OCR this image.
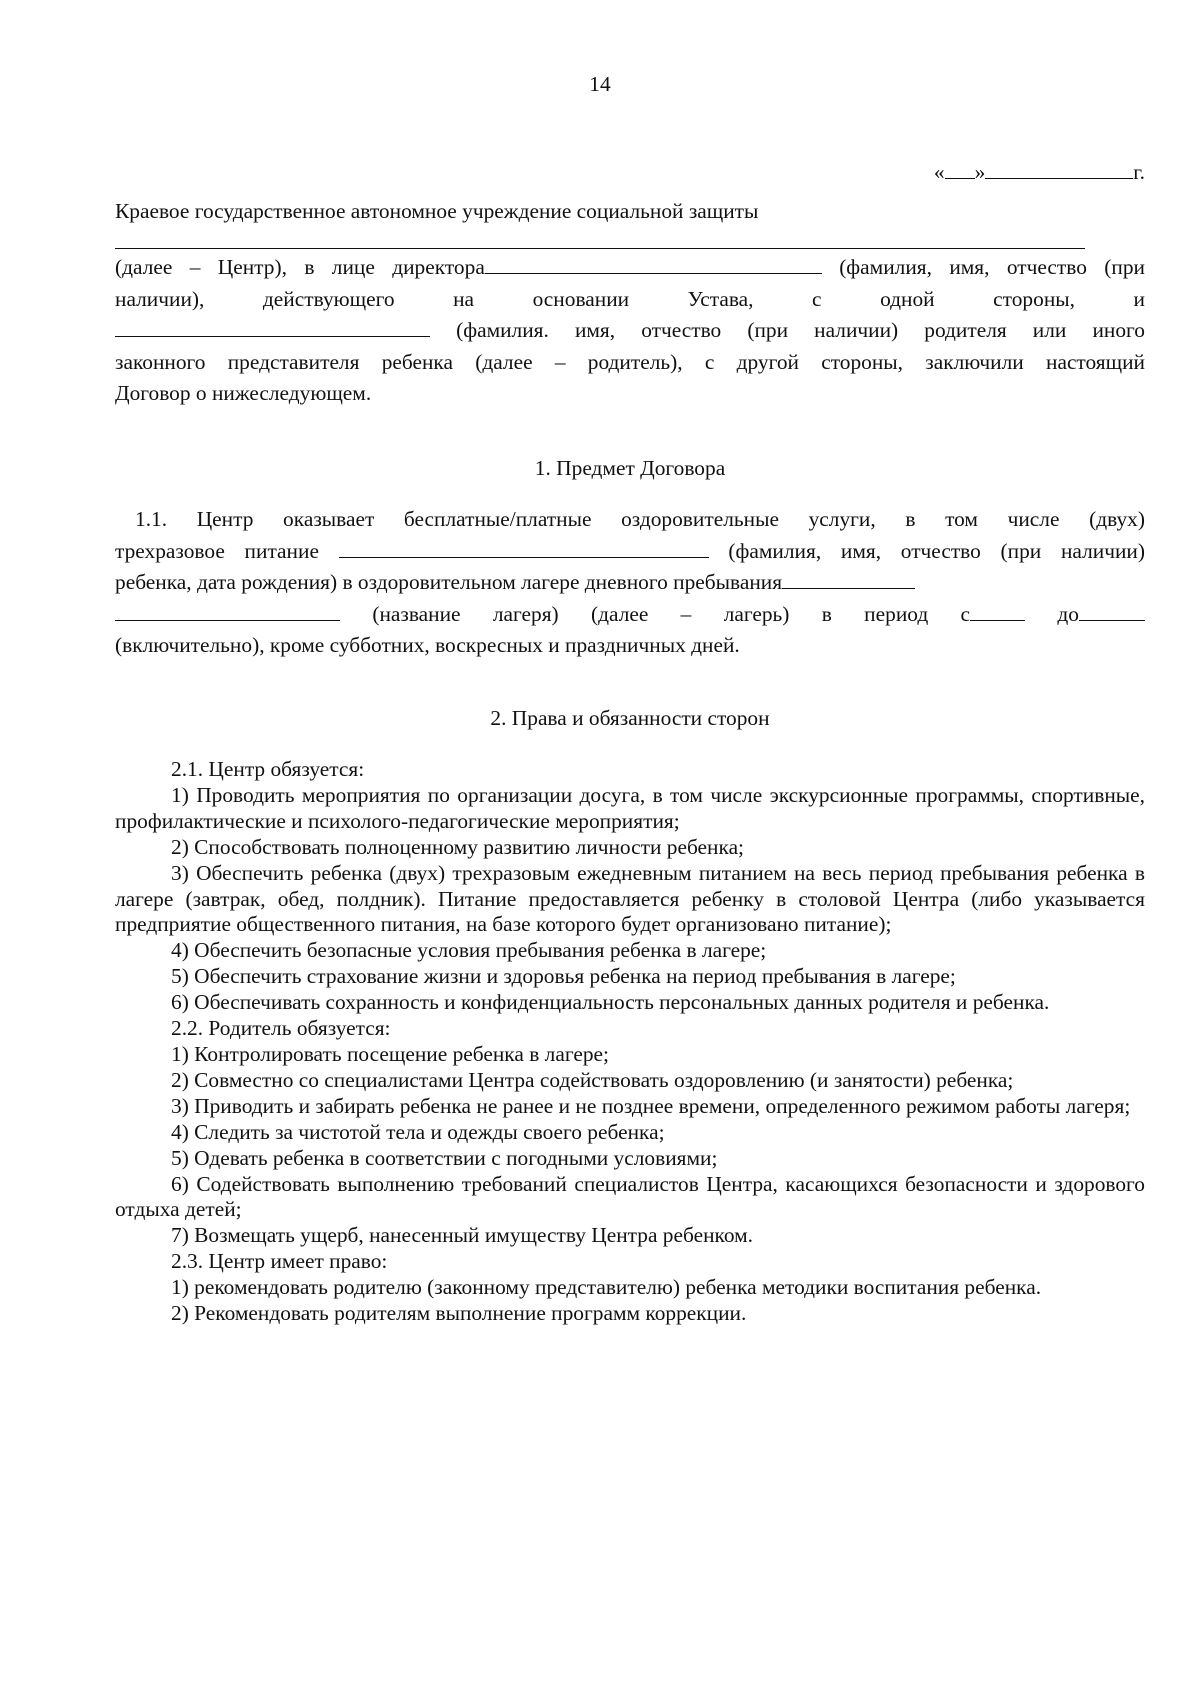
14
« »	г.

Краевое государственное автономное учреждение социальной защиты

(далее – Центр), в лице директора	(фамилия, имя, отчество (при

наличии), действующего на основании Устава, с одной стороны, и

(фамилия. имя, отчество (при наличии) родителя или иного

законного представителя ребенка (далее – родитель), с другой стороны, заключили настоящий

Договор о нижеследующем.

1. Предмет Договора

1.1. Центр оказывает бесплатные/платные оздоровительные услуги, в том числе (двух)

трехразовое питание	(фамилия, имя, отчество (при наличии)

ребенка, дата рождения) в оздоровительном лагере дневного пребывания

(название лагеря) (далее – лагерь) в период с	до

(включительно), кроме субботних, воскресных и праздничных дней.

2. Права и обязанности сторон

2.1. Центр обязуется:

1) Проводить мероприятия по организации досуга, в том числе экскурсионные программы, спортивные, профилактические и психолого-педагогические мероприятия;

2) Способствовать полноценному развитию личности ребенка;

3) Обеспечить ребенка (двух) трехразовым ежедневным питанием на весь период пребывания ребенка в лагере (завтрак, обед, полдник). Питание предоставляется ребенку в столовой Центра (либо указывается предприятие общественного питания, на базе которого будет организовано питание);

4) Обеспечить безопасные условия пребывания ребенка в лагере;

5) Обеспечить страхование жизни и здоровья ребенка на период пребывания в лагере;

6) Обеспечивать сохранность и конфиденциальность персональных данных родителя и ребенка.

2.2. Родитель обязуется:

1) Контролировать посещение ребенка в лагере;

2) Совместно со специалистами Центра содействовать оздоровлению (и занятости) ребенка;

3) Приводить и забирать ребенка не ранее и не позднее времени, определенного режимом работы лагеря;

4) Следить за чистотой тела и одежды своего ребенка;

5) Одевать ребенка в соответствии с погодными условиями;

6) Содействовать выполнению требований специалистов Центра, касающихся безопасности и здорового отдыха детей;

7) Возмещать ущерб, нанесенный имуществу Центра ребенком.

2.3. Центр имеет право:

1) рекомендовать родителю (законному представителю) ребенка методики воспитания ребенка.

2) Рекомендовать родителям выполнение программ коррекции.
